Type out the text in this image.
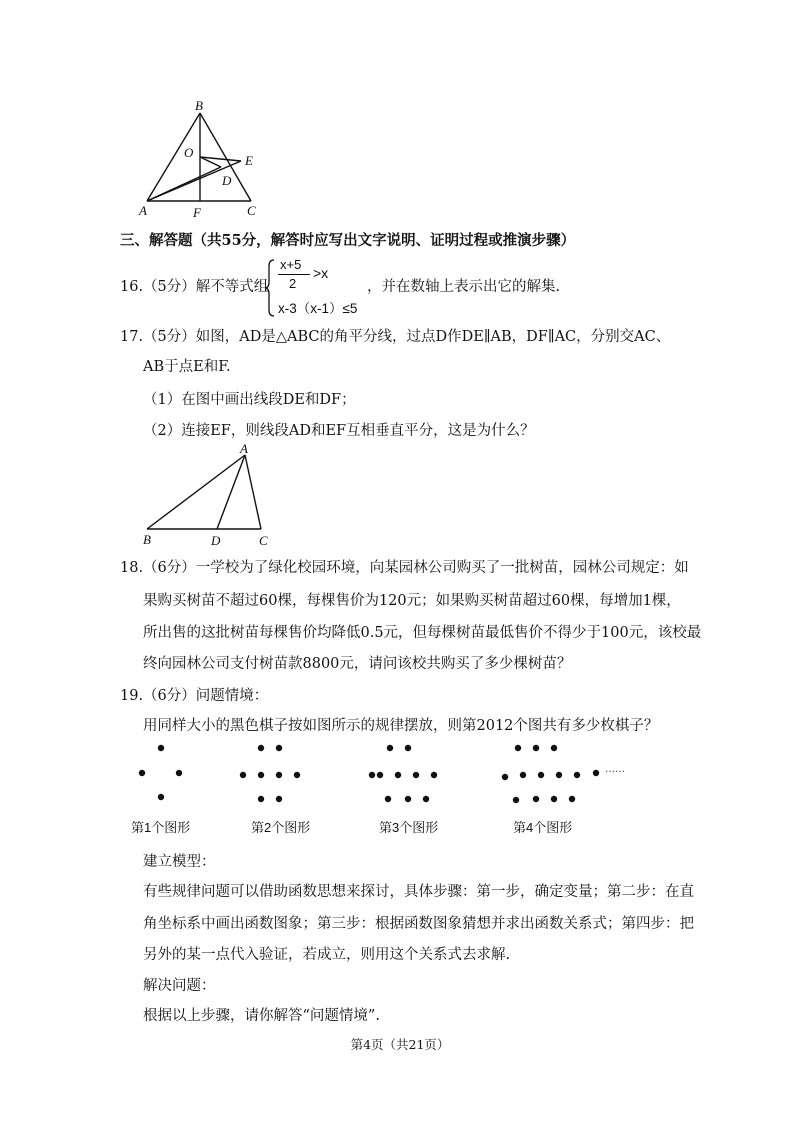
B
O
E
D
A	F	C
三、解答题（共55分，解答时应写出文字说明、证明过程或推演步骤）
16.（5分）解不等式组
x+5
2
>x
x-3（x-1）≤5
，并在数轴上表示出它的解集.
17.（5分）如图，AD是△ABC的角平分线，过点D作DE∥AB，DF∥AC，分别交AC、
AB于点E和F.
（1）在图中画出线段DE和DF；
（2）连接EF，则线段AD和EF互相垂直平分，这是为什么？
A
B	D	C
18.（6分）一学校为了绿化校园环境，向某园林公司购买了一批树苗，园林公司规定：如
果购买树苗不超过60棵，每棵售价为120元；如果购买树苗超过60棵，每增加1棵，
所出售的这批树苗每棵售价均降低0.5元，但每棵树苗最低售价不得少于100元，该校最
终向园林公司支付树苗款8800元，请问该校共购买了多少棵树苗？
19.（6分）问题情境：
用同样大小的黑色棋子按如图所示的规律摆放，则第2012个图共有多少枚棋子？
……
第1个图形	第2个图形	第3个图形	第4个图形
建立模型：
有些规律问题可以借助函数思想来探讨，具体步骤：第一步，确定变量；第二步：在直
角坐标系中画出函数图象；第三步：根据函数图象猜想并求出函数关系式；第四步：把
另外的某一点代入验证，若成立，则用这个关系式去求解.
解决问题：
根据以上步骤，请你解答“问题情境”.
第4页（共21页）
